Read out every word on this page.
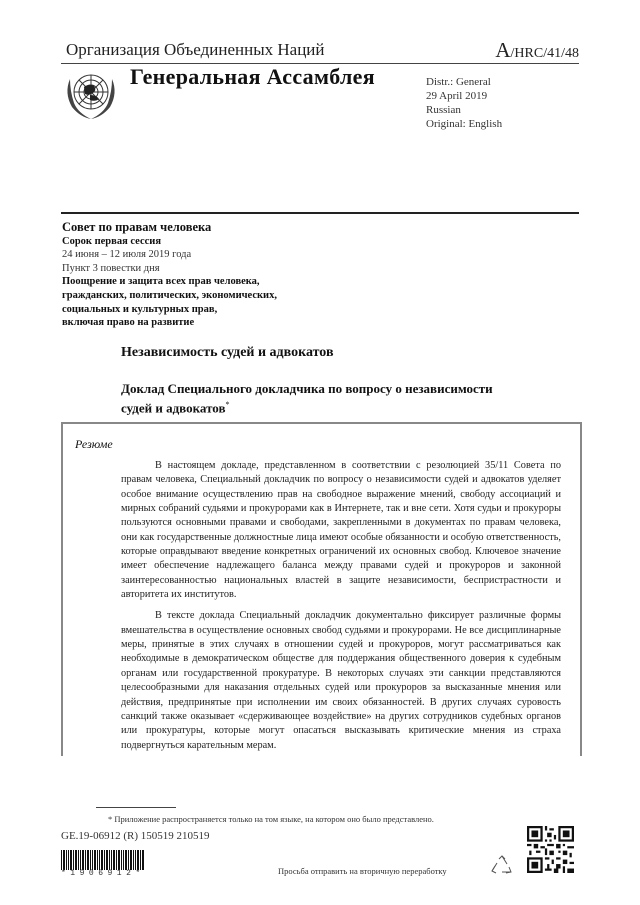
Организация Объединенных Наций	A/HRC/41/48
Генеральная Ассамблея	Distr.: General
29 April 2019
Russian
Original: English
Совет по правам человека
Сорок первая сессия
24 июня – 12 июля 2019 года
Пункт 3 повестки дня
Поощрение и защита всех прав человека,
гражданских, политических, экономических,
социальных и культурных прав,
включая право на развитие
Независимость судей и адвокатов
Доклад Специального докладчика по вопросу о независимости судей и адвокатов*
Резюме

В настоящем докладе, представленном в соответствии с резолюцией 35/11 Совета по правам человека, Специальный докладчик по вопросу о независимости судей и адвокатов уделяет особое внимание осуществлению прав на свободное выражение мнений, свободу ассоциаций и мирных собраний судьями и прокурорами как в Интернете, так и вне сети. Хотя судьи и прокуроры пользуются основными правами и свободами, закрепленными в документах по правам человека, они как государственные должностные лица имеют особые обязанности и особую ответственность, которые оправдывают введение конкретных ограничений их основных свобод. Ключевое значение имеет обеспечение надлежащего баланса между правами судей и прокуроров и законной заинтересованностью национальных властей в защите независимости, беспристрастности и авторитета их институтов.

В тексте доклада Специальный докладчик документально фиксирует различные формы вмешательства в осуществление основных свобод судьями и прокурорами. Не все дисциплинарные меры, принятые в этих случаях в отношении судей и прокуроров, могут рассматриваться как необходимые в демократическом обществе для поддержания общественного доверия к судебным органам или государственной прокуратуре. В некоторых случаях эти санкции представляются целесообразными для наказания отдельных судей или прокуроров за высказанные мнения или действия, предпринятые при исполнении им своих обязанностей. В других случаях суровость санкций также оказывает «сдерживающее воздействие» на других сотрудников судебных органов или прокуратуры, которые могут опасаться высказывать критические мнения из страха подвергнуться карательным мерам.

* Приложение распространяется только на том языке, на котором оно было представлено.
GE.19-06912 (R) 150519 210519
*1906912*	Просьба отправить на вторичную переработку
